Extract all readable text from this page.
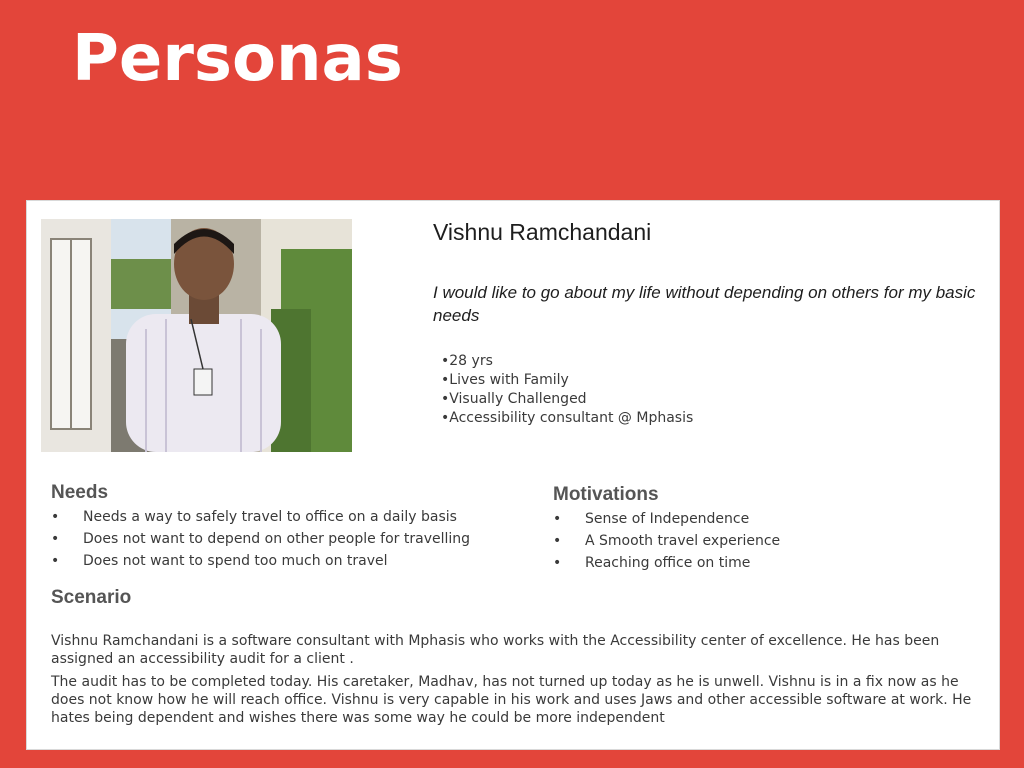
Personas
Vishnu Ramchandani
I would like to go about my life without depending on others for my basic needs
• 28 yrs
• Lives with Family
• Visually Challenged
• Accessibility consultant @ Mphasis
Needs
• Needs a way to safely travel to office on a daily basis
• Does not want to depend on other people for travelling
• Does not want to spend too much on travel
Motivations
• Sense of Independence
• A Smooth travel experience
• Reaching office on time
Scenario

Vishnu Ramchandani is a software consultant with Mphasis who works with the Accessibility center of excellence. He has been assigned an accessibility audit for a client .

The audit has to be completed today. His caretaker, Madhav, has not turned up today as he is unwell. Vishnu is in a fix now as he does not know how he will reach office. Vishnu is very capable in his work and uses Jaws and other accessible software at work. He hates being dependent and wishes there was some way he could be more independent
